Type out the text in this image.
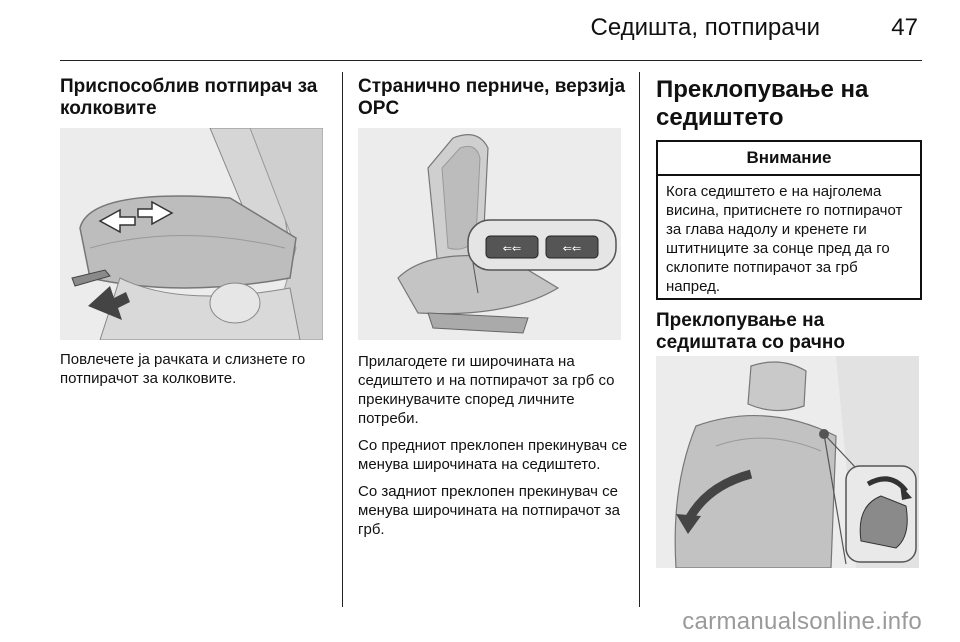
Седишта, потпирачи	47
Приспособлив потпирач за колковите
Повлечете ја рачката и слизнете го потпирачот за колковите.
Странично перниче, верзија OPC
⇐⇐	⇐⇐

Прилагодете ги широчината на седиштето и на потпирачот за грб со прекинувачите според личните потреби.

Со предниот преклопен прекинувач се менува широчината на седиштето.

Со задниот преклопен прекинувач се менува широчината на потпирачот за грб.

Преклопување на седиштето
Внимание
Кога седиштето е на најголема висина, притиснете го потпирачот за глава надолу и кренете ги штитниците за сонце пред да го склопите потпирачот за грб напред.
Преклопување на седиштата со рачно
carmanualsonline.info
